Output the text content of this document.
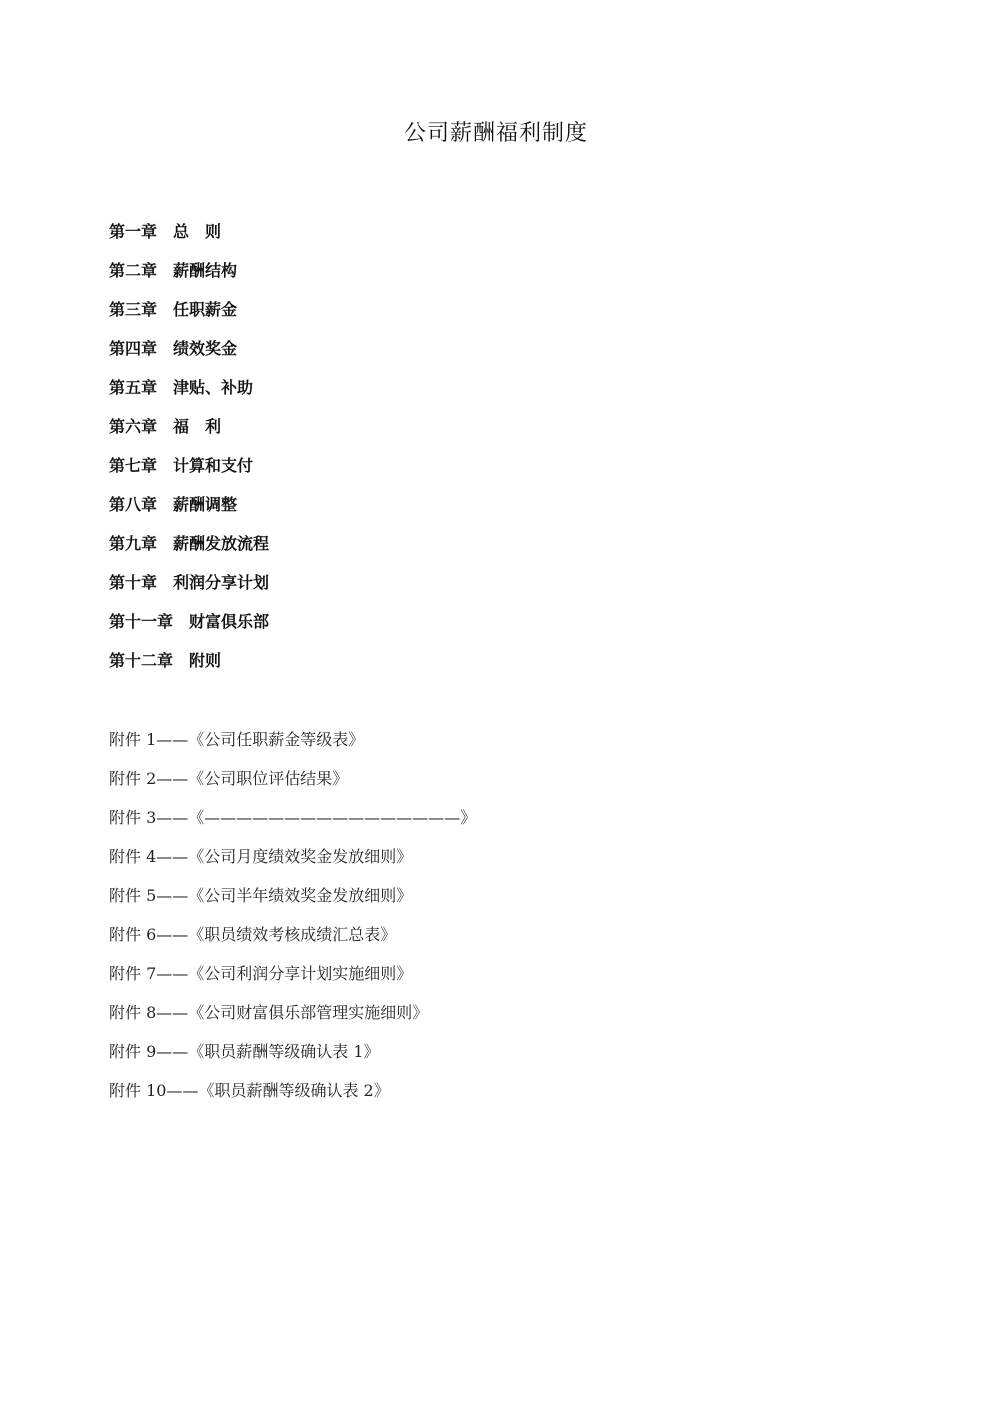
公司薪酬福利制度
第一章　总　则
第二章　薪酬结构
第三章　任职薪金
第四章　绩效奖金
第五章　津贴、补助
第六章　福　利
第七章　计算和支付
第八章　薪酬调整
第九章　薪酬发放流程
第十章　利润分享计划
第十一章　财富俱乐部
第十二章　附则
附件 1——《公司任职薪金等级表》
附件 2——《公司职位评估结果》
附件 3——《————————————————》
附件 4——《公司月度绩效奖金发放细则》
附件 5——《公司半年绩效奖金发放细则》
附件 6——《职员绩效考核成绩汇总表》
附件 7——《公司利润分享计划实施细则》
附件 8——《公司财富俱乐部管理实施细则》
附件 9——《职员薪酬等级确认表 1》
附件 10——《职员薪酬等级确认表 2》
